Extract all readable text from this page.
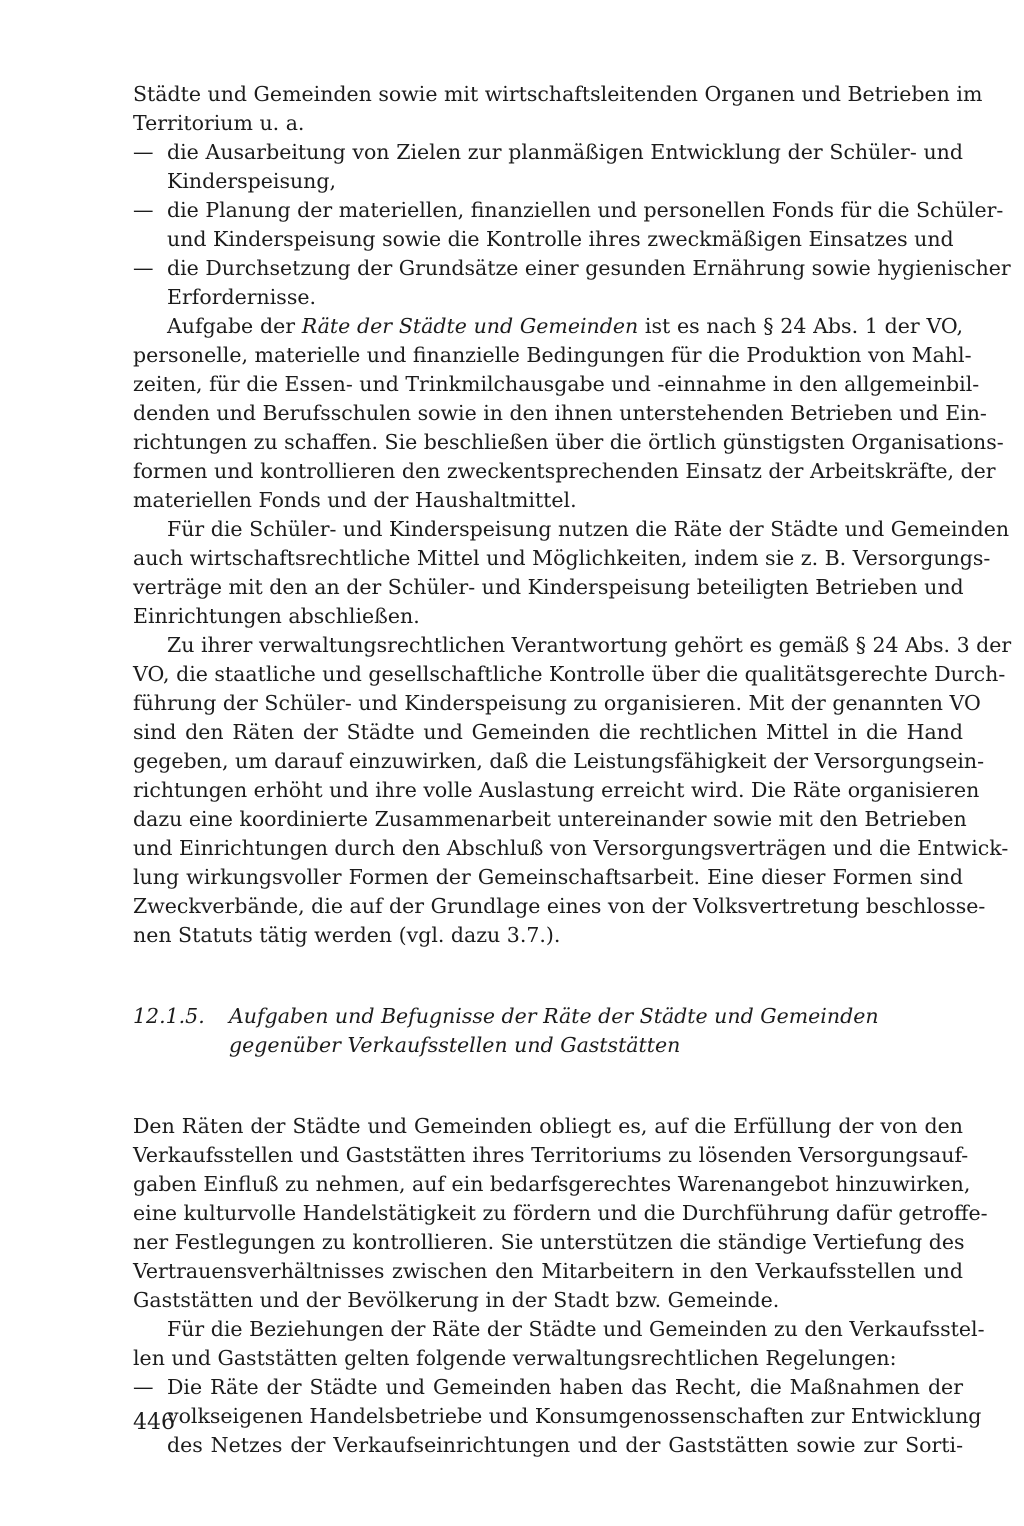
Städte und Gemeinden sowie mit wirtschaftsleitenden Organen und Betrieben im
Territorium u. a.
— die Ausarbeitung von Zielen zur planmäßigen Entwicklung der Schüler- und
Kinderspeisung,
— die Planung der materiellen, finanziellen und personellen Fonds für die Schüler-
und Kinderspeisung sowie die Kontrolle ihres zweckmäßigen Einsatzes und
— die Durchsetzung der Grundsätze einer gesunden Ernährung sowie hygienischer
Erfordernisse.
Aufgabe der Räte der Städte und Gemeinden ist es nach § 24 Abs. 1 der VO,
personelle, materielle und finanzielle Bedingungen für die Produktion von Mahl-
zeiten, für die Essen- und Trinkmilchausgabe und -einnahme in den allgemeinbil-
denden und Berufsschulen sowie in den ihnen unterstehenden Betrieben und Ein-
richtungen zu schaffen. Sie beschließen über die örtlich günstigsten Organisations-
formen und kontrollieren den zweckentsprechenden Einsatz der Arbeitskräfte, der
materiellen Fonds und der Haushaltmittel.
Für die Schüler- und Kinderspeisung nutzen die Räte der Städte und Gemeinden
auch wirtschaftsrechtliche Mittel und Möglichkeiten, indem sie z. B. Versorgungs-
verträge mit den an der Schüler- und Kinderspeisung beteiligten Betrieben und
Einrichtungen abschließen.
Zu ihrer verwaltungsrechtlichen Verantwortung gehört es gemäß § 24 Abs. 3 der
VO, die staatliche und gesellschaftliche Kontrolle über die qualitätsgerechte Durch-
führung der Schüler- und Kinderspeisung zu organisieren. Mit der genannten VO
sind den Räten der Städte und Gemeinden die rechtlichen Mittel in die Hand
gegeben, um darauf einzuwirken, daß die Leistungsfähigkeit der Versorgungsein-
richtungen erhöht und ihre volle Auslastung erreicht wird. Die Räte organisieren
dazu eine koordinierte Zusammenarbeit untereinander sowie mit den Betrieben
und Einrichtungen durch den Abschluß von Versorgungsverträgen und die Entwick-
lung wirkungsvoller Formen der Gemeinschaftsarbeit. Eine dieser Formen sind
Zweckverbände, die auf der Grundlage eines von der Volksvertretung beschlosse-
nen Statuts tätig werden (vgl. dazu 3.7.).
12.1.5.	Aufgaben und Befugnisse der Räte der Städte und Gemeinden
gegenüber Verkaufsstellen und Gaststätten
Den Räten der Städte und Gemeinden obliegt es, auf die Erfüllung der von den
Verkaufsstellen und Gaststätten ihres Territoriums zu lösenden Versorgungsauf-
gaben Einfluß zu nehmen, auf ein bedarfsgerechtes Warenangebot hinzuwirken,
eine kulturvolle Handelstätigkeit zu fördern und die Durchführung dafür getroffe-
ner Festlegungen zu kontrollieren. Sie unterstützen die ständige Vertiefung des
Vertrauensverhältnisses zwischen den Mitarbeitern in den Verkaufsstellen und
Gaststätten und der Bevölkerung in der Stadt bzw. Gemeinde.
Für die Beziehungen der Räte der Städte und Gemeinden zu den Verkaufsstel-
len und Gaststätten gelten folgende verwaltungsrechtlichen Regelungen:
— Die Räte der Städte und Gemeinden haben das Recht, die Maßnahmen der
volkseigenen Handelsbetriebe und Konsumgenossenschaften zur Entwicklung
des Netzes der Verkaufseinrichtungen und der Gaststätten sowie zur Sorti-
446
